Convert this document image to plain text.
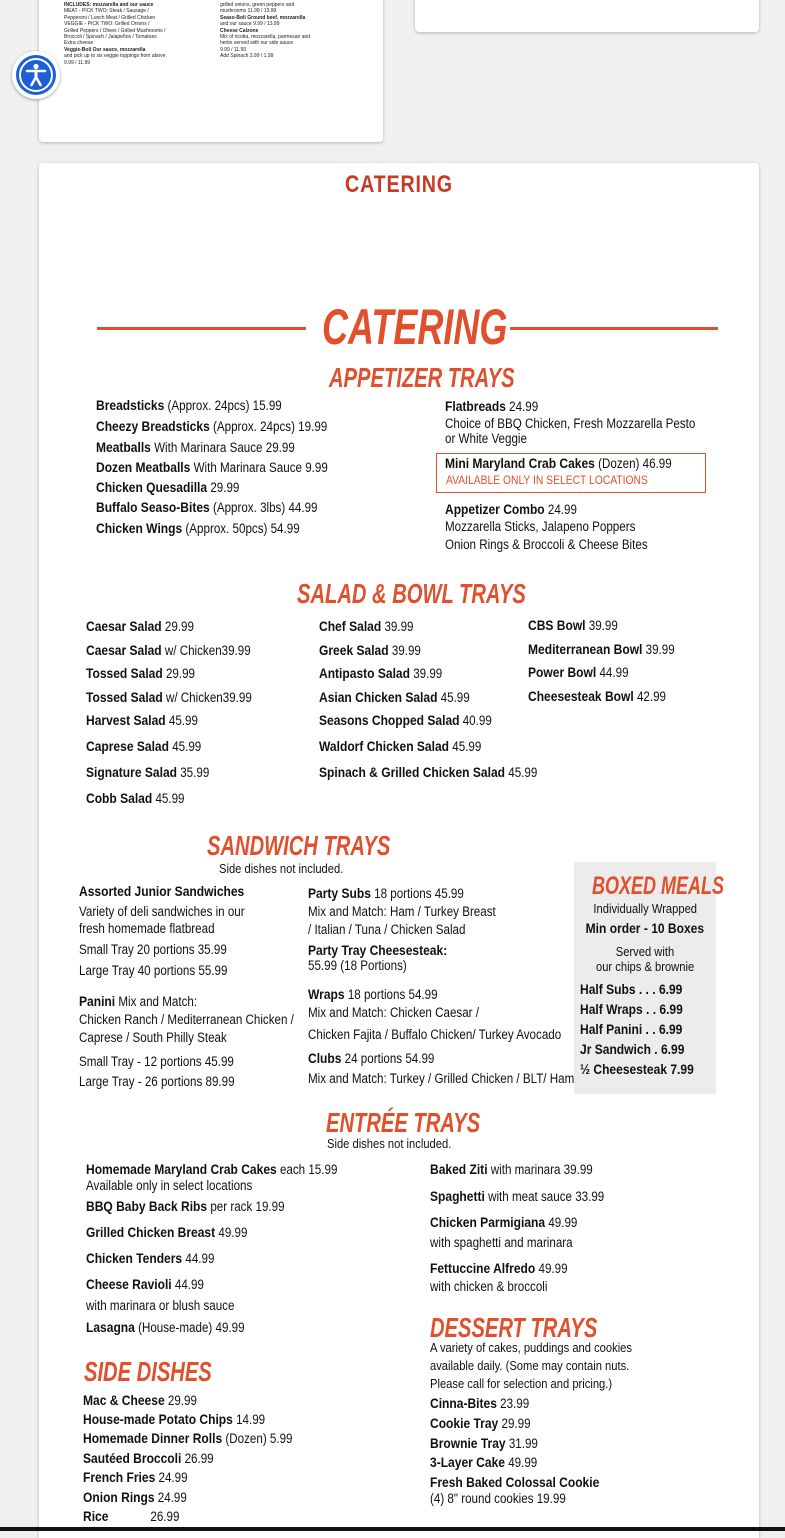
INCLUDES: mozzarella and our sauce
MEAT - PICK TWO: Steak / Sausage /
Pepperoni / Lunch Meat / Grilled Chicken
VEGGIE - PICK TWO: Grilled Onions /
Grilled Peppers / Olives / Grilled Mushrooms /
Broccoli / Spinach / Jalapeños / Tomatoes
Extra cheese
Veggie-Boli Our sauce, mozzarella
and pick up to six veggie toppings from above
9.99 / 11.99
grilled onions, green peppers and
mushrooms 11.99 / 13.99
Seaso-Boli Ground beef, mozzarella
and our sauce 9.99 / 13.99
Cheese Calzone
Mix of ricotta, mozzarella, parmesan and
herbs served with our side sauce
9.99 / 11.99
Add Spinach 3.99 / 1.99
CATERING
CATERING
APPETIZER TRAYS
Breadsticks (Approx. 24pcs) 15.99
Cheezy Breadsticks (Approx. 24pcs) 19.99
Meatballs With Marinara Sauce 29.99
Dozen Meatballs With Marinara Sauce 9.99
Chicken Quesadilla 29.99
Buffalo Seaso-Bites (Approx. 3lbs) 44.99
Chicken Wings (Approx. 50pcs) 54.99
Flatbreads 24.99
Choice of BBQ Chicken, Fresh Mozzarella Pesto
or White Veggie
Mini Maryland Crab Cakes (Dozen) 46.99
AVAILABLE ONLY IN SELECT LOCATIONS
Appetizer Combo 24.99
Mozzarella Sticks, Jalapeno Poppers
Onion Rings & Broccoli & Cheese Bites
SALAD & BOWL TRAYS
Caesar Salad 29.99
Caesar Salad w/ Chicken39.99
Tossed Salad 29.99
Tossed Salad w/ Chicken39.99
Harvest Salad 45.99
Caprese Salad 45.99
Signature Salad 35.99
Cobb Salad 45.99
Chef Salad 39.99
Greek Salad 39.99
Antipasto Salad 39.99
Asian Chicken Salad 45.99
Seasons Chopped Salad 40.99
Waldorf Chicken Salad 45.99
Spinach & Grilled Chicken Salad 45.99
CBS Bowl 39.99
Mediterranean Bowl 39.99
Power Bowl 44.99
Cheesesteak Bowl 42.99
SANDWICH TRAYS
Side dishes not included.
Assorted Junior Sandwiches
Variety of deli sandwiches in our
fresh homemade flatbread
Small Tray 20 portions 35.99
Large Tray 40 portions 55.99
Panini Mix and Match:
Chicken Ranch / Mediterranean Chicken /
Caprese / South Philly Steak
Small Tray - 12 portions 45.99
Large Tray - 26 portions 89.99
Party Subs 18 portions 45.99
Mix and Match: Ham / Turkey Breast
/ Italian / Tuna / Chicken Salad
Party Tray Cheesesteak:
55.99 (18 Portions)
Wraps 18 portions 54.99
Mix and Match: Chicken Caesar /
Chicken Fajita / Buffalo Chicken/ Turkey Avocado
Clubs 24 portions 54.99
Mix and Match: Turkey / Grilled Chicken / BLT/ Ham
BOXED MEALS
Individually Wrapped
Min order - 10 Boxes
Served with
our chips & brownie
Half Subs . . . 6.99
Half Wraps . . 6.99
Half Panini . . 6.99
Jr Sandwich . 6.99
½ Cheesesteak 7.99
ENTRÉE TRAYS
Side dishes not included.
Homemade Maryland Crab Cakes each 15.99
Available only in select locations
BBQ Baby Back Ribs per rack 19.99
Grilled Chicken Breast 49.99
Chicken Tenders 44.99
Cheese Ravioli 44.99
with marinara or blush sauce
Lasagna (House-made) 49.99
Baked Ziti with marinara 39.99
Spaghetti with meat sauce 33.99
Chicken Parmigiana 49.99
with spaghetti and marinara
Fettuccine Alfredo 49.99
with chicken & broccoli
SIDE DISHES
Mac & Cheese 29.99
House-made Potato Chips 14.99
Homemade Dinner Rolls (Dozen) 5.99
Sautéed Broccoli 26.99
French Fries 24.99
Onion Rings 24.99
Rice             26.99
DESSERT TRAYS
A variety of cakes, puddings and cookies
available daily. (Some may contain nuts.
Please call for selection and pricing.)
Cinna-Bites 23.99
Cookie Tray 29.99
Brownie Tray 31.99
3-Layer Cake 49.99
Fresh Baked Colossal Cookie
(4) 8" round cookies 19.99
